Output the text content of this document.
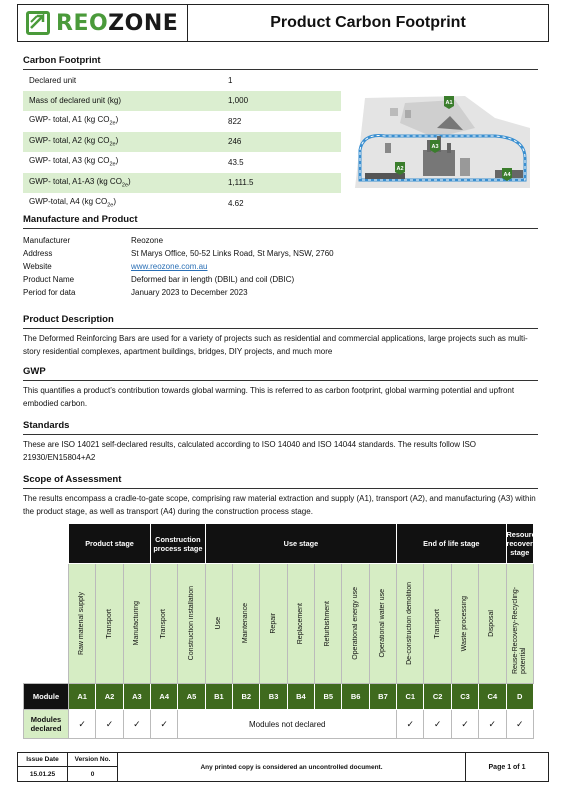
REOZONE	Product Carbon Footprint
Carbon Footprint
Declared unit	1
Mass of declared unit (kg)	1,000
GWP- total, A1 (kg $CO_{2e}$)	822
GWP- total, A2 (kg $CO_{2e}$)	246
GWP- total, A3 (kg $CO_{2e}$)	43.5
GWP- total, A1-A3 (kg $CO_{2e}$)	1,111.5
GWP-total, A4 (kg $CO_{2e}$)	4.62
A1
A3
A2
A4
Manufacture and Product
Manufacturer	Reozone
Address	St Marys Office, 50-52 Links Road, St Marys, NSW, 2760
Website	www.reozone.com.au
Product Name	Deformed bar in length (DBIL) and coil (DBIC)
Period for data	January 2023 to December 2023
Product Description
The Deformed Reinforcing Bars are used for a variety of projects such as residential and commercial applications, large projects such as multi-story residential complexes, apartment buildings, bridges, DIY projects, and much more
GWP
This quantifies a product’s contribution towards global warming. This is referred to as carbon footprint, global warming potential and upfront embodied carbon.
Standards
These are ISO 14021 self-declared results, calculated according to ISO 14040 and ISO 14044 standards. The results follow ISO 21930/EN15804+A2
Scope of Assessment
The results encompass a cradle-to-gate scope, comprising raw material extraction and supply (A1), transport (A2), and manufacturing (A3) within the product stage, as well as transport (A4) during the construction process stage.
	Product stage			Construction process stage		Use stage							End of life stage				Resource recovery stage

	Raw material supply	Transport	Manufacturing	Transport	Construction installation	Use	Maintenance	Repair	Replacement	Refurbishment	Operational energy use	Operational water use	De-construction demolition	Transport	Waste processing	Disposal	Reuse-Recovery-Recycling-potential

Module	A1	A2	A3	A4	A5	B1	B2	B3	B4	B5	B6	B7	C1	C2	C3	C4	D
Modules declared	✓	✓	✓	✓	Modules not declared								✓	✓	✓	✓	✓
Issue Date
15.01.25
Version No.
0
Any printed copy is considered an uncontrolled document.	Page 1 of 1
